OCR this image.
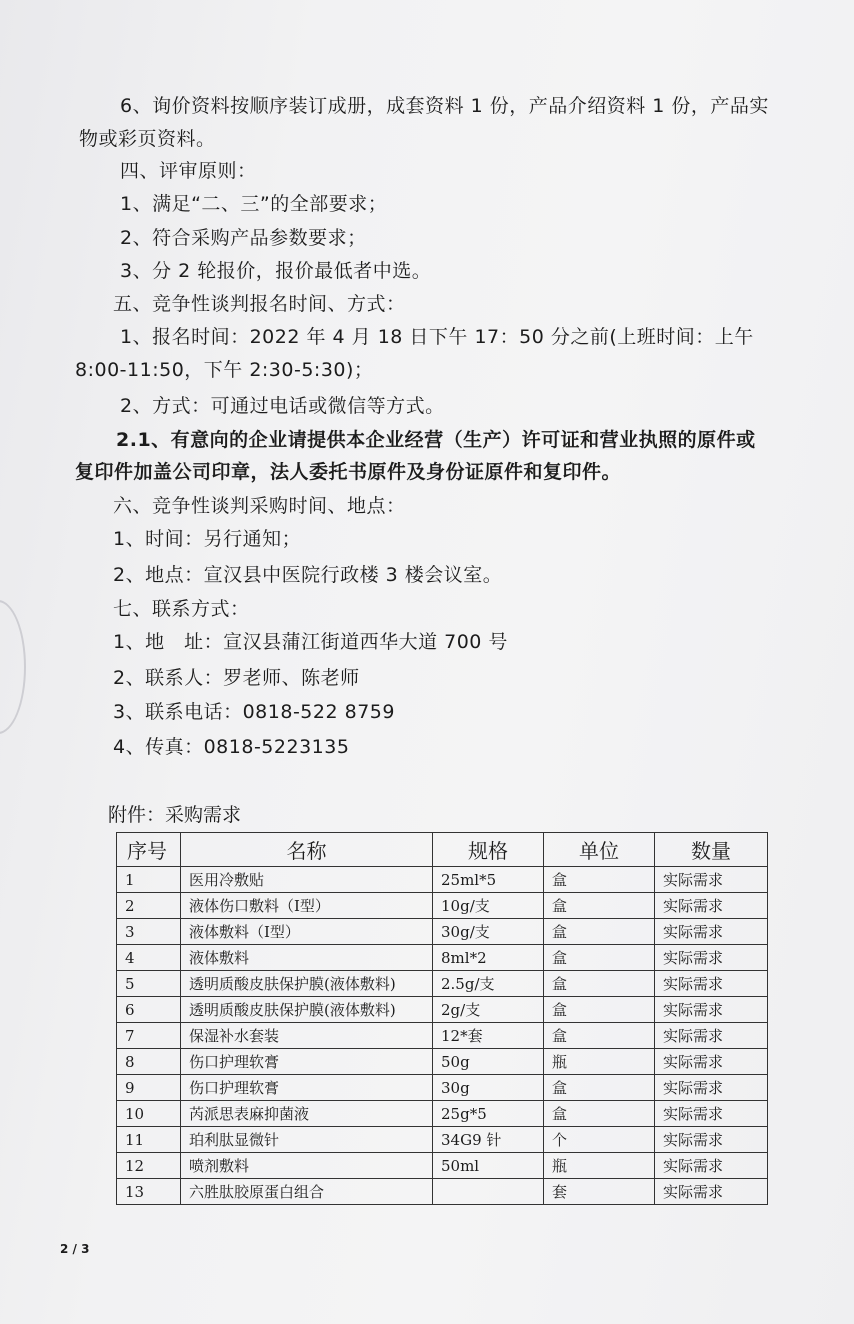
6、询价资料按顺序装订成册，成套资料 1 份，产品介绍资料 1 份，产品实
物或彩页资料。
四、评审原则：
1、满足“二、三”的全部要求；
2、符合采购产品参数要求；
3、分 2 轮报价，报价最低者中选。
五、竞争性谈判报名时间、方式：
1、报名时间：2022 年 4 月 18 日下午 17：50 分之前(上班时间：上午
8:00-11:50，下午 2:30-5:30)；
2、方式：可通过电话或微信等方式。
2.1、有意向的企业请提供本企业经营（生产）许可证和营业执照的原件或
复印件加盖公司印章，法人委托书原件及身份证原件和复印件。
六、竞争性谈判采购时间、地点：
1、时间：另行通知；
2、地点：宣汉县中医院行政楼 3 楼会议室。
七、联系方式：
1、地　址：宣汉县蒲江街道西华大道 700 号
2、联系人：罗老师、陈老师
3、联系电话：0818-522 8759
4、传真：0818-5223135
附件：采购需求
序号	名称	规格	单位	数量
1	医用冷敷贴	25ml*5	盒	实际需求
2	液体伤口敷料（Ⅰ型）	10g/支	盒	实际需求
3	液体敷料（Ⅰ型）	30g/支	盒	实际需求
4	液体敷料	8ml*2	盒	实际需求
5	透明质酸皮肤保护膜(液体敷料)	2.5g/支	盒	实际需求
6	透明质酸皮肤保护膜(液体敷料)	2g/支	盒	实际需求
7	保湿补水套装	12*套	盒	实际需求
8	伤口护理软膏	50g	瓶	实际需求
9	伤口护理软膏	30g	盒	实际需求
10	芮派思表麻抑菌液	25g*5	盒	实际需求
11	珀利肽显微针	34G9 针	个	实际需求
12	喷剂敷料	50ml	瓶	实际需求
13	六胜肽胶原蛋白组合		套	实际需求
2 / 3
